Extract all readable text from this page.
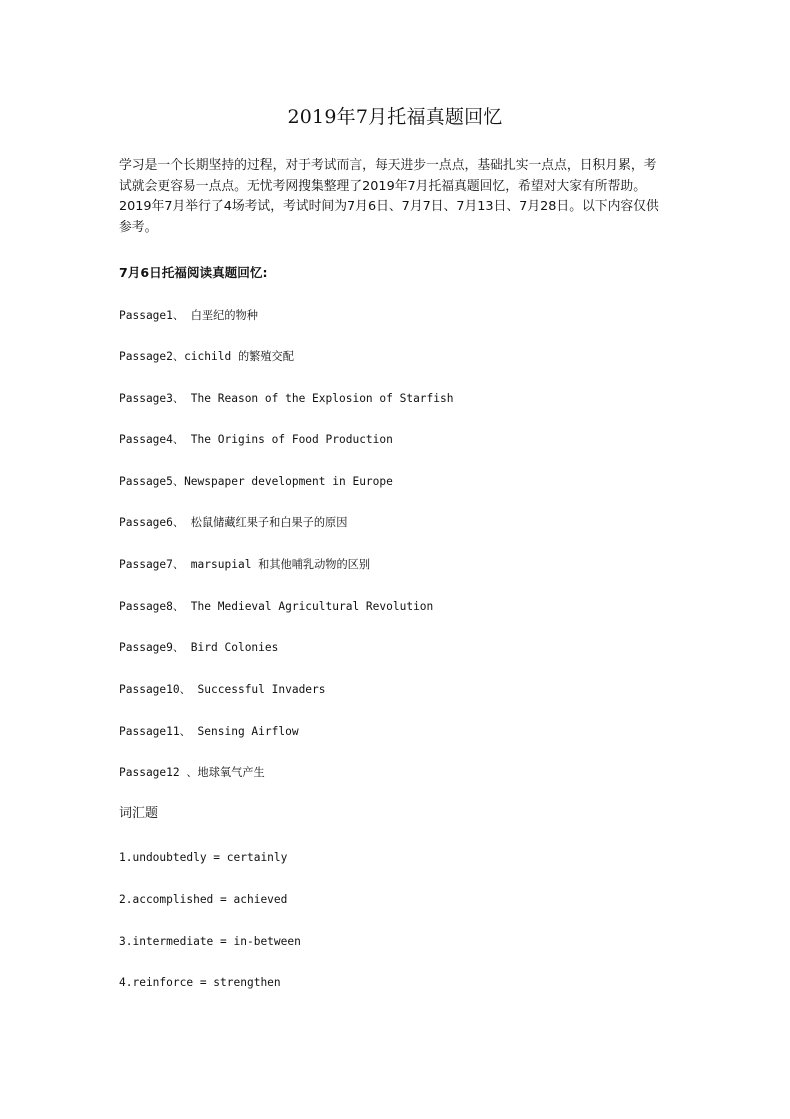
2019年7月托福真题回忆
学习是一个长期坚持的过程，对于考试而言，每天进步一点点，基础扎实一点点，日积月累，考试就会更容易一点点。无忧考网搜集整理了2019年7月托福真题回忆，希望对大家有所帮助。2019年7月举行了4场考试，考试时间为7月6日、7月7日、7月13日、7月28日。以下内容仅供参考。
7月6日托福阅读真题回忆:
Passage1、 白垩纪的物种
Passage2、cichild 的繁殖交配
Passage3、 The Reason of the Explosion of Starfish
Passage4、 The Origins of Food Production
Passage5、Newspaper development in Europe
Passage6、 松鼠储藏红果子和白果子的原因
Passage7、 marsupial 和其他哺乳动物的区别
Passage8、 The Medieval Agricultural Revolution
Passage9、 Bird Colonies
Passage10、 Successful Invaders
Passage11、 Sensing Airflow
Passage12 、地球氧气产生
词汇题
1.undoubtedly = certainly
2.accomplished = achieved
3.intermediate = in-between
4.reinforce = strengthen
